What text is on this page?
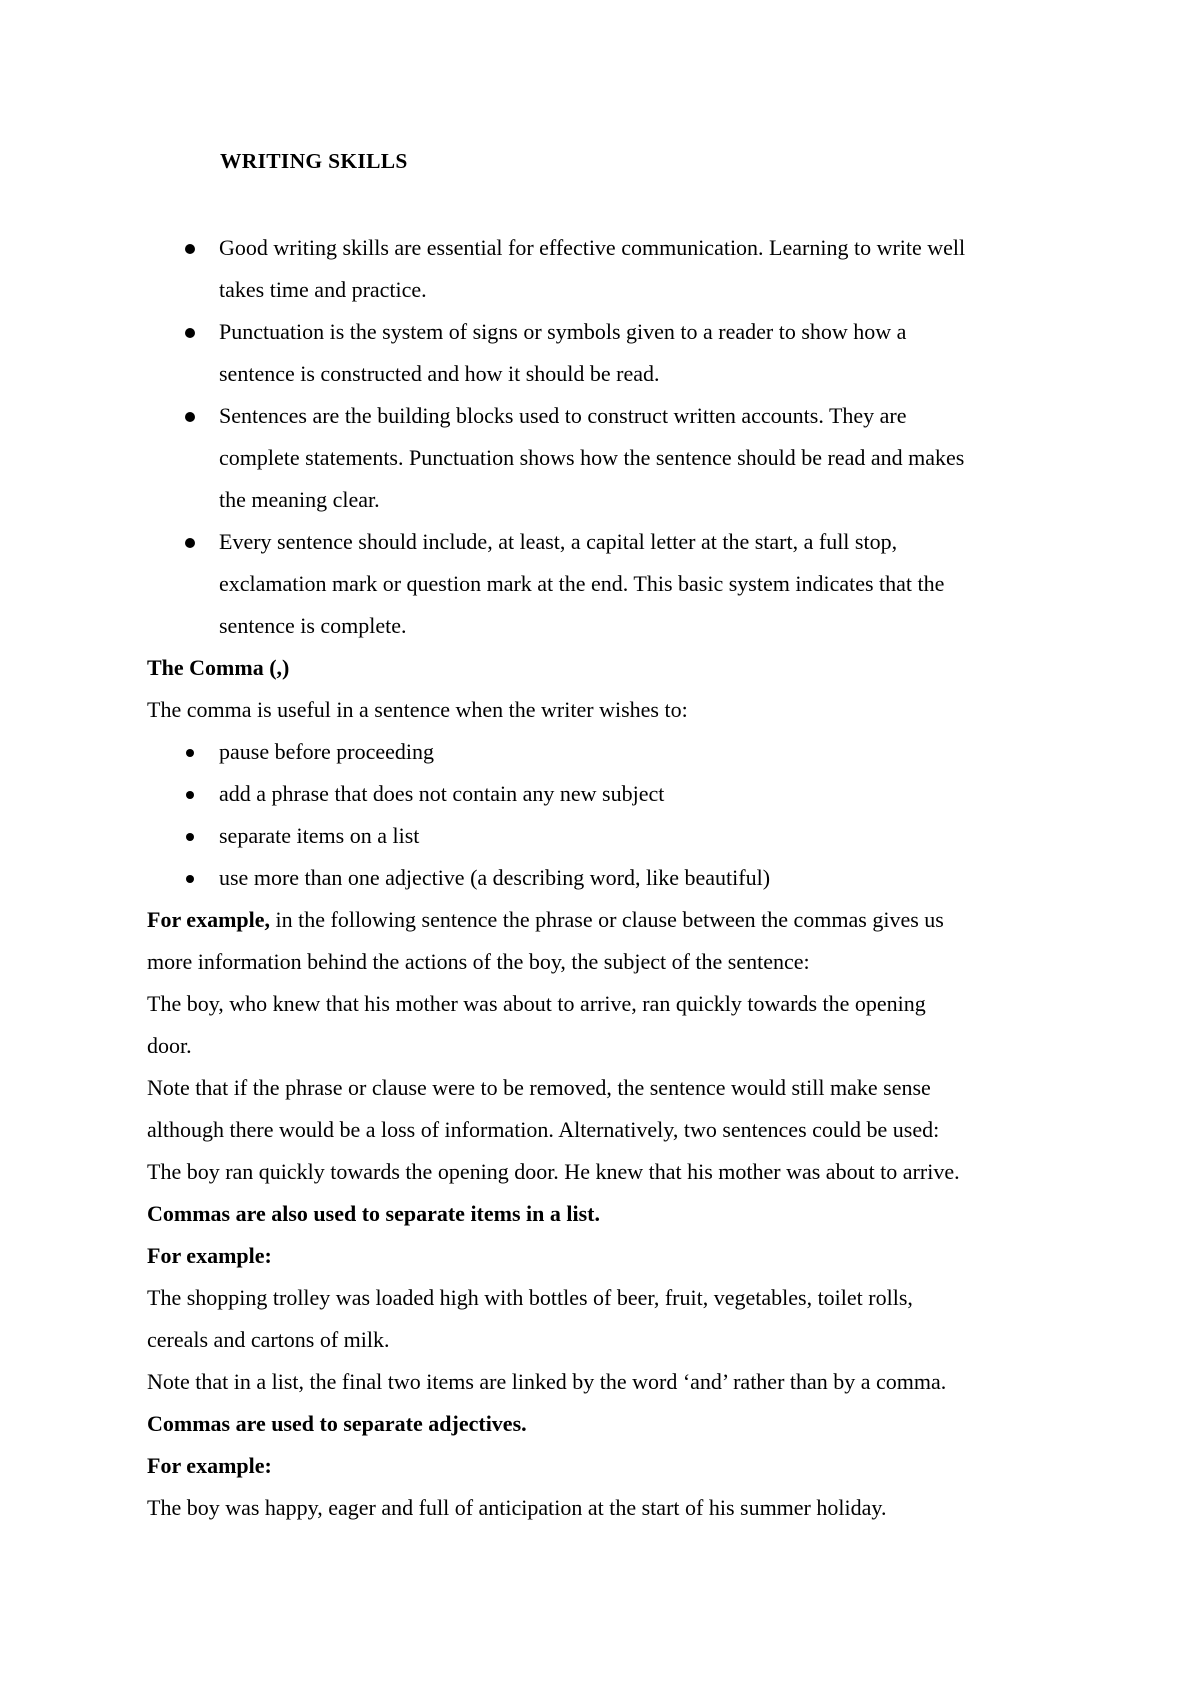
WRITING SKILLS
Good writing skills are essential for effective communication. Learning to write well
takes time and practice.
Punctuation is the system of signs or symbols given to a reader to show how a
sentence is constructed and how it should be read.
Sentences are the building blocks used to construct written accounts. They are
complete statements. Punctuation shows how the sentence should be read and makes
the meaning clear.
Every sentence should include, at least, a capital letter at the start, a full stop,
exclamation mark or question mark at the end. This basic system indicates that the
sentence is complete.
The Comma (,)
The comma is useful in a sentence when the writer wishes to:
pause before proceeding
add a phrase that does not contain any new subject
separate items on a list
use more than one adjective (a describing word, like beautiful)
For example, in the following sentence the phrase or clause between the commas gives us
more information behind the actions of the boy, the subject of the sentence:
The boy, who knew that his mother was about to arrive, ran quickly towards the opening
door.
Note that if the phrase or clause were to be removed, the sentence would still make sense
although there would be a loss of information. Alternatively, two sentences could be used:
The boy ran quickly towards the opening door. He knew that his mother was about to arrive.
Commas are also used to separate items in a list.
For example:
The shopping trolley was loaded high with bottles of beer, fruit, vegetables, toilet rolls,
cereals and cartons of milk.
Note that in a list, the final two items are linked by the word ‘and’ rather than by a comma.
Commas are used to separate adjectives.
For example:
The boy was happy, eager and full of anticipation at the start of his summer holiday.
